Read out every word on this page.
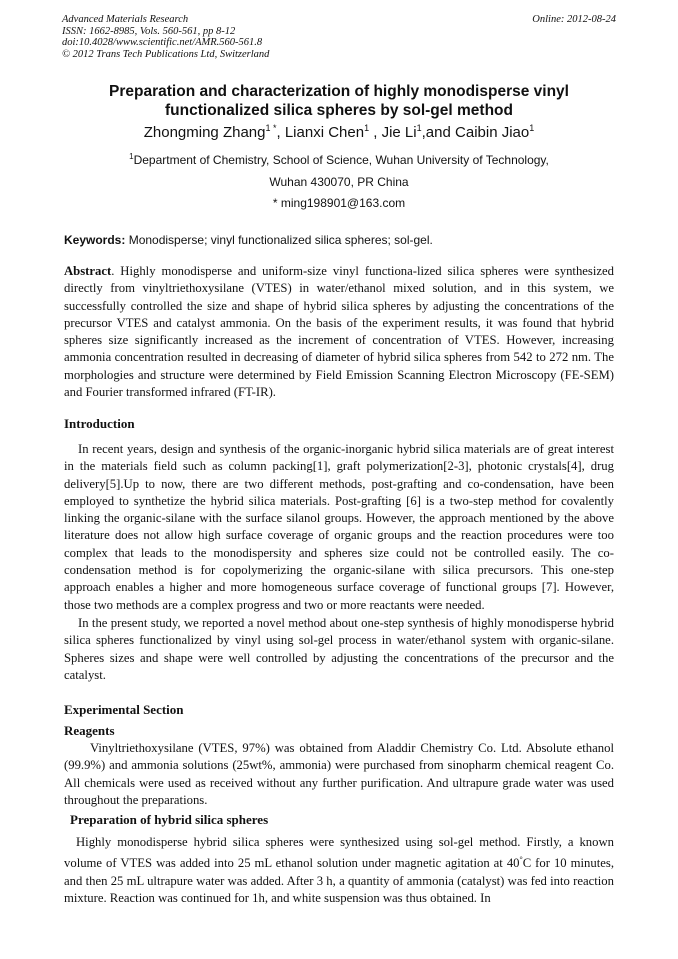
Advanced Materials Research
ISSN: 1662-8985, Vols. 560-561, pp 8-12
doi:10.4028/www.scientific.net/AMR.560-561.8
© 2012 Trans Tech Publications Ltd, Switzerland
Online: 2012-08-24
Preparation and characterization of highly monodisperse vinyl functionalized silica spheres by sol-gel method
Zhongming Zhang$^{1 *}$, Lianxi Chen$^1$ , Jie Li$^1$,and Caibin Jiao$^1$
$^1$Department of Chemistry, School of Science, Wuhan University of Technology,
Wuhan 430070, PR China
* ming198901@163.com
Keywords: Monodisperse; vinyl functionalized silica spheres; sol-gel.

Abstract. Highly monodisperse and uniform-size vinyl functiona-lized silica spheres were synthesized directly from vinyltriethoxysilane (VTES) in water/ethanol mixed solution, and in this system, we successfully controlled the size and shape of hybrid silica spheres by adjusting the concentrations of the precursor VTES and catalyst ammonia. On the basis of the experiment results, it was found that hybrid spheres size significantly increased as the increment of concentration of VTES. However, increasing ammonia concentration resulted in decreasing of diameter of hybrid silica spheres from 542 to 272 nm. The morphologies and structure were determined by Field Emission Scanning Electron Microscopy (FE-SEM) and Fourier transformed infrared (FT-IR).

Introduction

In recent years, design and synthesis of the organic-inorganic hybrid silica materials are of great interest in the materials field such as column packing[1], graft polymerization[2-3], photonic crystals[4], drug delivery[5].Up to now, there are two different methods, post-grafting and co-condensation, have been employed to synthetize the hybrid silica materials. Post-grafting [6] is a two-step method for covalently linking the organic-silane with the surface silanol groups. However, the approach mentioned by the above literature does not allow high surface coverage of organic groups and the reaction procedures were too complex that leads to the monodispersity and spheres size could not be controlled easily. The co-condensation method is for copolymerizing the organic-silane with silica precursors. This one-step approach enables a higher and more homogeneous surface coverage of functional groups [7]. However, those two methods are a complex progress and two or more reactants were needed.

In the present study, we reported a novel method about one-step synthesis of highly monodisperse hybrid silica spheres functionalized by vinyl using sol-gel process in water/ethanol system with organic-silane. Spheres sizes and shape were well controlled by adjusting the concentrations of the precursor and the catalyst.

Experimental Section
Reagents

Vinyltriethoxysilane (VTES, 97%) was obtained from Aladdir Chemistry Co. Ltd. Absolute ethanol (99.9%) and ammonia solutions (25wt%, ammonia) were purchased from sinopharm chemical reagent Co. All chemicals were used as received without any further purification. And ultrapure grade water was used throughout the preparations.

Preparation of hybrid silica spheres

Highly monodisperse hybrid silica spheres were synthesized using sol-gel method. Firstly, a known volume of VTES was added into 25 mL ethanol solution under magnetic agitation at 40°C for 10 minutes, and then 25 mL ultrapure water was added. After 3 h, a quantity of ammonia (catalyst) was fed into reaction mixture. Reaction was continued for 1h, and white suspension was thus obtained. In
